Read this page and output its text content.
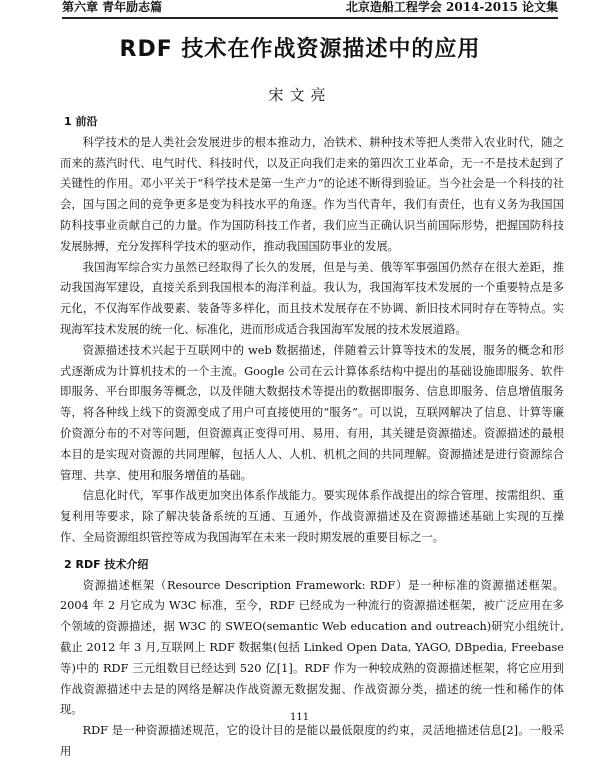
第六章 青年励志篇	北京造船工程学会 2014-2015 论文集
RDF 技术在作战资源描述中的应用
宋文亮
1 前沿

科学技术的是人类社会发展进步的根本推动力，冶铁术、耕种技术等把人类带入农业时代，随之而来的蒸汽时代、电气时代、科技时代，以及正向我们走来的第四次工业革命，无一不是技术起到了关键性的作用。邓小平关于“科学技术是第一生产力”的论述不断得到验证。当今社会是一个科技的社会，国与国之间的竞争更多是变为科技水平的角逐。作为当代青年，我们有责任，也有义务为我国国防科技事业贡献自己的力量。作为国防科技工作者，我们应当正确认识当前国际形势，把握国防科技发展脉搏，充分发挥科学技术的驱动作，推动我国国防事业的发展。

我国海军综合实力虽然已经取得了长久的发展，但是与美、俄等军事强国仍然存在很大差距，推动我国海军建设，直接关系到我国根本的海洋利益。我认为，我国海军技术发展的一个重要特点是多元化，不仅海军作战要素、装备等多样化，而且技术发展存在不协调、新旧技术同时存在等特点。实现海军技术发展的统一化、标准化，进而形成适合我国海军发展的技术发展道路。

资源描述技术兴起于互联网中的 web 数据描述，伴随着云计算等技术的发展，服务的概念和形式逐渐成为计算机技术的一个主流。Google 公司在云计算体系结构中提出的基础设施即服务、软件即服务、平台即服务等概念，以及伴随大数据技术等提出的数据即服务、信息即服务、信息增值服务等，将各种线上线下的资源变成了用户可直接使用的“服务”。可以说，互联网解决了信息、计算等廉价资源分布的不对等问题，但资源真正变得可用、易用、有用，其关键是资源描述。资源描述的最根本目的是实现对资源的共同理解，包括人人、人机、机机之间的共同理解。资源描述是进行资源综合管理、共享、使用和服务增值的基础。

信息化时代，军事作战更加突出体系作战能力。要实现体系作战提出的综合管理、按需组织、重复利用等要求，除了解决装备系统的互通、互通外，作战资源描述及在资源描述基础上实现的互操作、全局资源组织管控等成为我国海军在未来一段时期发展的重要目标之一。

2 RDF 技术介绍

资源描述框架（Resource Description Framework: RDF）是一种标准的资源描述框架。 2004 年 2 月它成为 W3C 标准，至今，RDF 已经成为一种流行的资源描述框架，被广泛应用在多个领域的资源描述，据 W3C 的 SWEO(semantic Web education and outreach)研究小组统计,截止 2012 年 3 月,互联网上 RDF 数据集(包括 Linked Open Data, YAGO, DBpedia, Freebase 等)中的 RDF 三元组数目已经达到 520 亿[1]。RDF 作为一种较成熟的资源描述框架，将它应用到作战资源描述中去是的网络是解决作战资源无数据发掘、作战资源分类，描述的统一性和稀作的体现。

RDF 是一种资源描述规范，它的设计目的是能以最低限度的约束，灵活地描述信息[2]。一般采用

111
